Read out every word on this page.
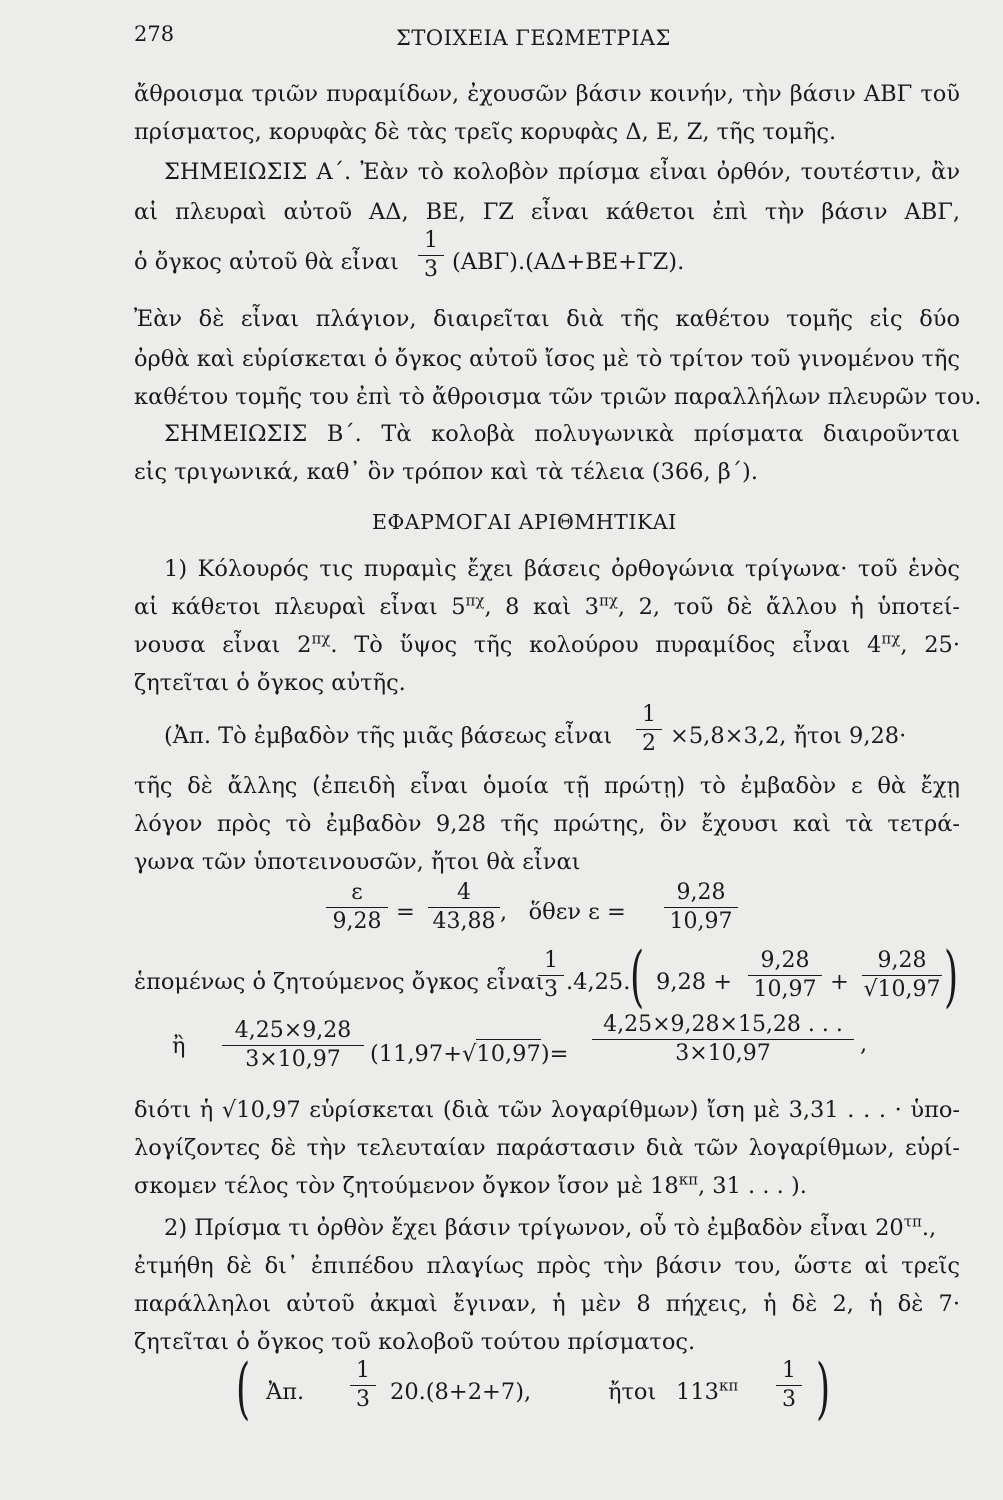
278	ΣΤΟΙΧΕΙΑ ΓΕΩΜΕΤΡΙΑΣ
ἄθροισμα τριῶν πυραμίδων, ἐχουσῶν βάσιν κοινήν, τὴν βάσιν ΑΒΓ τοῦ
πρίσματος, κορυφὰς δὲ τὰς τρεῖς κορυφὰς Δ, Ε, Ζ, τῆς τομῆς.
ΣΗΜΕΙΩΣΙΣ Α΄. Ἐὰν τὸ κολοβὸν πρίσμα εἶναι ὀρθόν, τουτέστιν, ἂν
αἱ πλευραὶ αὐτοῦ ΑΔ, ΒΕ, ΓΖ εἶναι κάθετοι ἐπὶ τὴν βάσιν ΑΒΓ,
ὁ ὄγκος αὐτοῦ θὰ εἶναι
1
3 (ΑΒΓ).(ΑΔ+ΒΕ+ΓΖ).
Ἐὰν δὲ εἶναι πλάγιον, διαιρεῖται διὰ τῆς καθέτου τομῆς εἰς δύο
ὀρθὰ καὶ εὑρίσκεται ὁ ὄγκος αὐτοῦ ἴσος μὲ τὸ τρίτον τοῦ γινομένου τῆς
καθέτου τομῆς του ἐπὶ τὸ ἄθροισμα τῶν τριῶν παραλλήλων πλευρῶν του.
ΣΗΜΕΙΩΣΙΣ Β΄. Τὰ κολοβὰ πολυγωνικὰ πρίσματα διαιροῦνται
εἰς τριγωνικά, καθ᾽ ὃν τρόπον καὶ τὰ τέλεια (366, β΄).
ΕΦΑΡΜΟΓΑΙ ΑΡΙΘΜΗΤΙΚΑΙ
1) Κόλουρός τις πυραμὶς ἔχει βάσεις ὀρθογώνια τρίγωνα· τοῦ ἑνὸς
αἱ κάθετοι πλευραὶ εἶναι $5^{\pi\chi}$, 8 καὶ $3^{\pi\chi}$, 2, τοῦ δὲ ἄλλου ἡ ὑποτεί-
νουσα εἶναι $2^{\pi\chi}$. Τὸ ὕψος τῆς κολούρου πυραμίδος εἶναι $4^{\pi\chi}$, 25·
ζητεῖται ὁ ὄγκος αὐτῆς.
(Ἀπ. Τὸ ἐμβαδὸν τῆς μιᾶς βάσεως εἶναι
1
2 ×5,8×3,2, ἤτοι 9,28·
τῆς δὲ ἄλλης (ἐπειδὴ εἶναι ὁμοία τῇ πρώτῃ) τὸ ἐμβαδὸν ε θὰ ἔχῃ
λόγον πρὸς τὸ ἐμβαδὸν 9,28 τῆς πρώτης, ὃν ἔχουσι καὶ τὰ τετρά-
γωνα τῶν ὑποτεινουσῶν, ἤτοι θὰ εἶναι
ε
9,28 =
4
43,88 ,   ὅθεν ε =
9,28
10,97
ἑπομένως ὁ ζητούμενος ὄγκος εἶναι
1
3 .4,25. ( 9,28 +
9,28
10,97 +
9,28
√10,97 )
ἢ
4,25×9,28
3×10,97	(11,97+√10,97)=
4,25×9,28×15,28 . . .
3×10,97	,
διότι ἡ √10,97 εὑρίσκεται (διὰ τῶν λογαρίθμων) ἴση μὲ 3,31 . . . · ὑπο-
λογίζοντες δὲ τὴν τελευταίαν παράστασιν διὰ τῶν λογαρίθμων, εὑρί-
σκομεν τέλος τὸν ζητούμενον ὄγκον ἴσον μὲ $18^{\kappa\pi}$, 31 . . . ).
2) Πρίσμα τι ὀρθὸν ἔχει βάσιν τρίγωνον, οὗ τὸ ἐμβαδὸν εἶναι $20^{\tau\pi}$.,
ἐτμήθη δὲ δι᾽ ἐπιπέδου πλαγίως πρὸς τὴν βάσιν του, ὥστε αἱ τρεῖς
παράλληλοι αὐτοῦ ἀκμαὶ ἔγιναν, ἡ μὲν 8 πήχεις, ἡ δὲ 2, ἡ δὲ 7·
ζητεῖται ὁ ὄγκος τοῦ κολοβοῦ τούτου πρίσματος.
( Ἀπ.
1
3 20.(8+2+7),	ἤτοι $113^{\kappa\pi}$
1
3 )
